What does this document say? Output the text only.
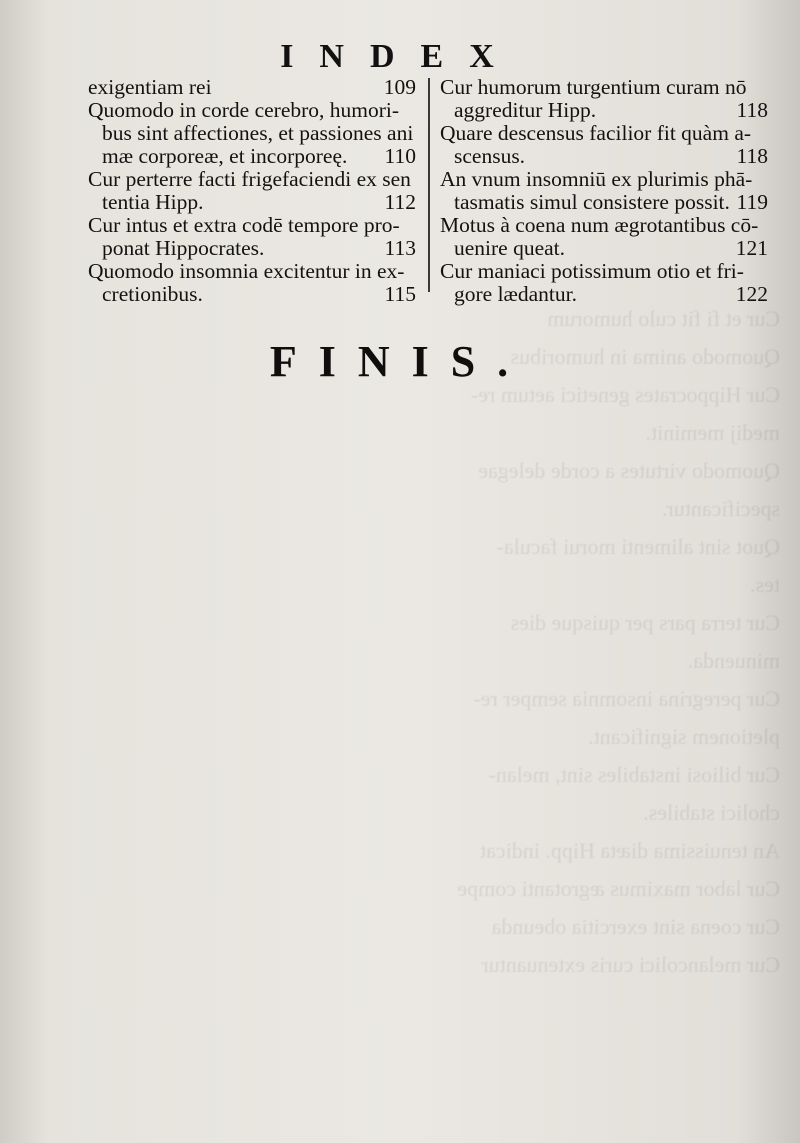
Cur et fi fit culo humorum
Quomodo anima in humoribus
Cur Hippocrates genetici aetum re-
medij meminit.
Quomodo virtutes a corde delegae
specificantur.
Quot sint alimenti morui facula-
tes.
Cur terra pars per quisque dies
minuenda.
Cur peregrina insomnia semper re-
pletionem significant.
Cur biliosi instabiles sint, melan-
cholici stabiles.
An tenuissima diæta Hipp. indicat
Cur labor maximus ægrotanti compe
Cur coena sint exercitia obeunda
Cur melancolici curis extenuantur
INDEX
exigentiam rei	109
Quomodo in corde cerebro, humori-
bus sint affectiones, et passiones ani
mæ corporeæ, et incorporeę.	110
Cur perterre facti frigefaciendi ex sen
tentia Hipp.	112
Cur intus et extra codē tempore pro-
ponat Hippocrates.	113
Quomodo insomnia excitentur in ex-
cretionibus.	115
Cur humorum turgentium curam nō
aggreditur Hipp.	118
Quare descensus facilior fit quàm a-
scensus.	118
An vnum insomniū ex plurimis phā-
tasmatis simul consistere possit. 119
Motus à coena num ægrotantibus cō-
uenire queat.	121
Cur maniaci potissimum otio et fri-
gore lædantur.	122
FINIS.
